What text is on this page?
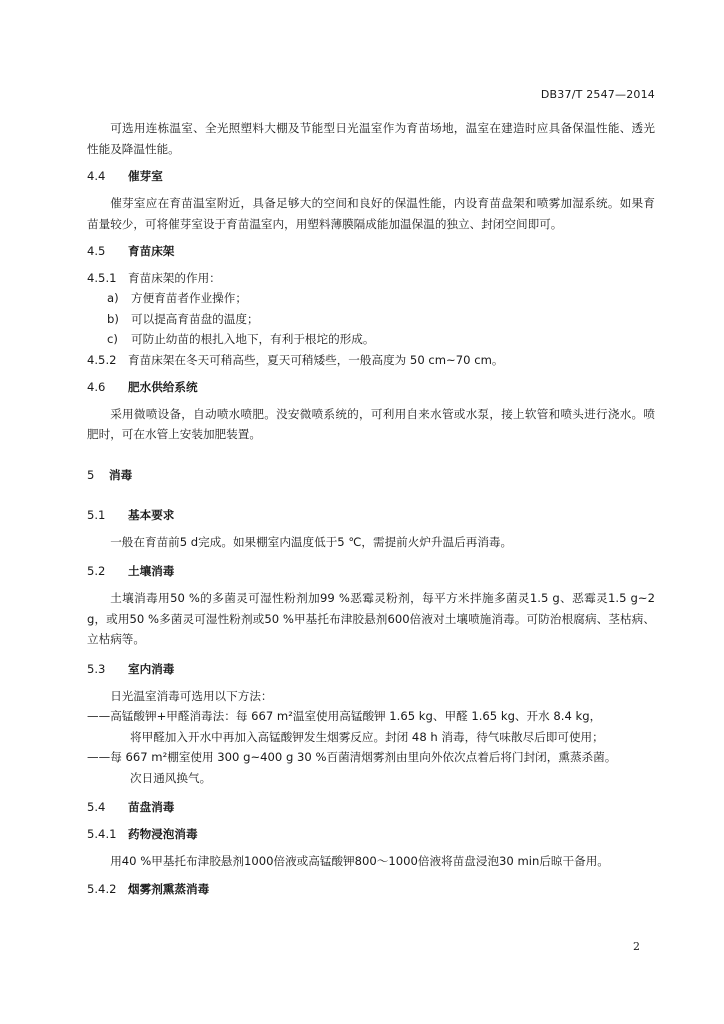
DB37/T 2547—2014

可选用连栋温室、全光照塑料大棚及节能型日光温室作为育苗场地，温室在建造时应具备保温性能、透光性能及降温性能。

4.4 催芽室

催芽室应在育苗温室附近，具备足够大的空间和良好的保温性能，内设育苗盘架和喷雾加湿系统。如果育苗量较少，可将催芽室设于育苗温室内，用塑料薄膜隔成能加温保温的独立、封闭空间即可。

4.5 育苗床架

4.5.1 育苗床架的作用：

a) 方便育苗者作业操作；

b) 可以提高育苗盘的温度；

c) 可防止幼苗的根扎入地下，有利于根坨的形成。

4.5.2 育苗床架在冬天可稍高些，夏天可稍矮些，一般高度为 50 cm~70 cm。

4.6 肥水供给系统

采用微喷设备，自动喷水喷肥。没安微喷系统的，可利用自来水管或水泵，接上软管和喷头进行浇水。喷肥时，可在水管上安装加肥装置。

5 消毒

5.1 基本要求

一般在育苗前5 d完成。如果棚室内温度低于5 ℃，需提前火炉升温后再消毒。

5.2 土壤消毒

土壤消毒用50 %的多菌灵可湿性粉剂加99 %恶霉灵粉剂，每平方米拌施多菌灵1.5 g、恶霉灵1.5 g~2 g，或用50 %多菌灵可湿性粉剂或50 %甲基托布津胶悬剂600倍液对土壤喷施消毒。可防治根腐病、茎枯病、立枯病等。

5.3 室内消毒

日光温室消毒可选用以下方法：

——高锰酸钾+甲醛消毒法：每 667 m²温室使用高锰酸钾 1.65 kg、甲醛 1.65 kg、开水 8.4 kg，

将甲醛加入开水中再加入高锰酸钾发生烟雾反应。封闭 48 h 消毒，待气味散尽后即可使用；

——每 667 m²棚室使用 300 g~400 g 30 %百菌清烟雾剂由里向外依次点着后将门封闭，熏蒸杀菌。

次日通风换气。

5.4 苗盘消毒

5.4.1 药物浸泡消毒

用40 %甲基托布津胶悬剂1000倍液或高锰酸钾800～1000倍液将苗盘浸泡30 min后晾干备用。

5.4.2 烟雾剂熏蒸消毒

2
